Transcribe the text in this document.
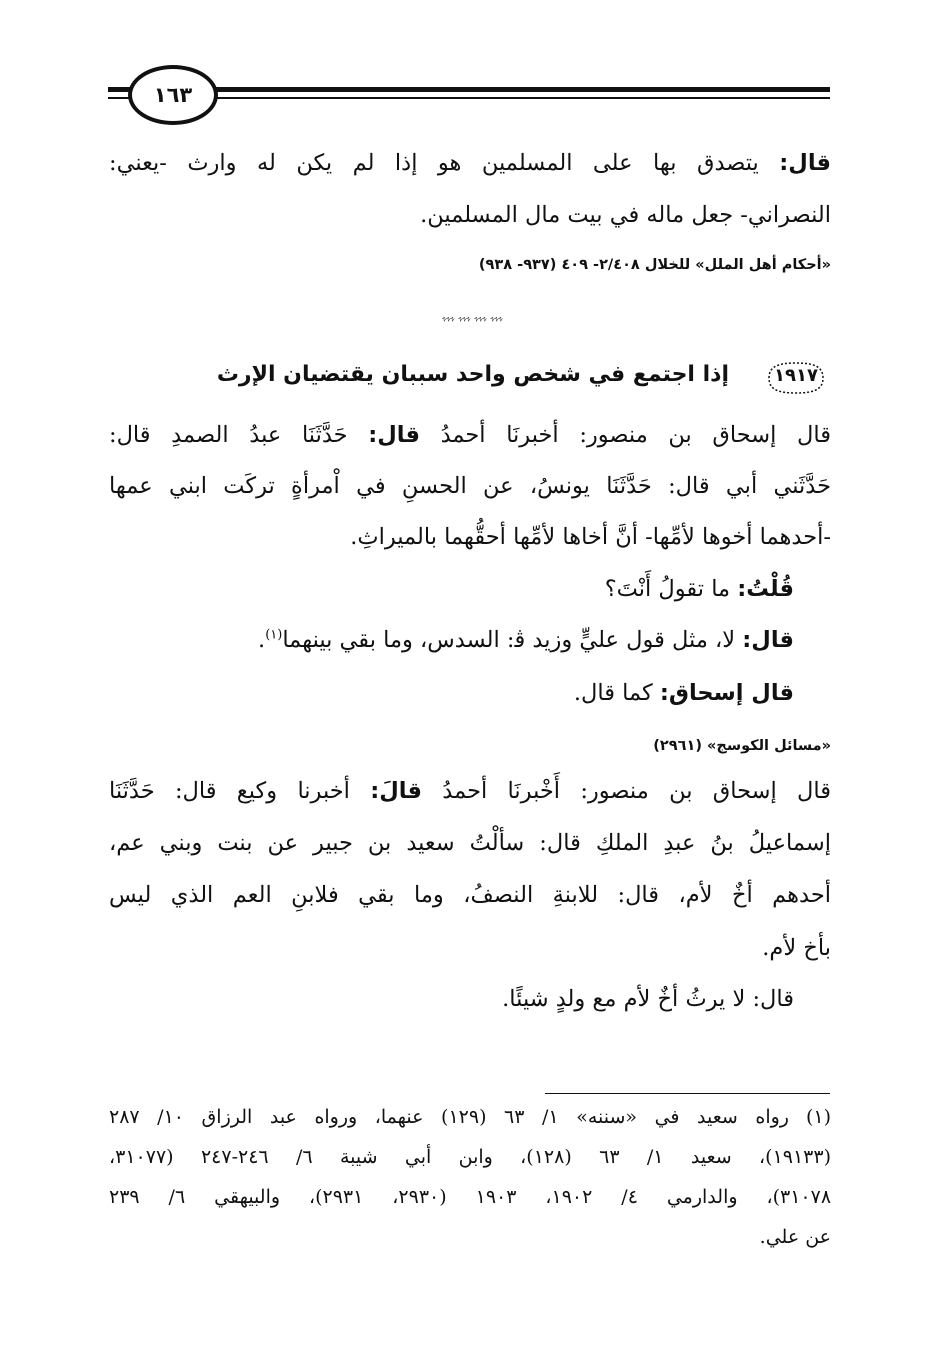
١٦٣
قال: يتصدق بها على المسلمين هو إذا لم يكن له وارث -يعني:
النصراني- جعل ماله في بيت مال المسلمين.
«أحكام أهل الملل» للخلال ٢/٤٠٨- ٤٠٩ (٩٣٧- ٩٣٨)
ﮩﮩﮩ ﮩﮩﮩ ﮩﮩﮩ ﮩﮩﮩ
١٩١٧
إذا اجتمع في شخص واحد سببان يقتضيان الإرث
قال إسحاق بن منصور: أخبرنَا أحمدُ قال: حَدَّثَنَا عبدُ الصمدِ قال:
حَدَّثَني أبي قال: حَدَّثَنَا يونسُ، عن الحسنِ في اْمرأةٍ تركَت ابني عمها
-أحدهما أخوها لأمِّها- أنَّ أخاها لأمِّها أحقُّهما بالميراثِ.
قُلْتُ: ما تقولُ أَنْتَ؟
قال: لا، مثل قول عليٍّ وزيد ﭬ: السدس، وما بقي بينهما$^{(١)}$.
قال إسحاق: كما قال.
«مسائل الكوسج» (٢٩٦١)
قال إسحاق بن منصور: أَخْبرنَا أحمدُ قالَ: أخبرنا وكيع قال: حَدَّثَنَا
إسماعيلُ بنُ عبدِ الملكِ قال: سألْتُ سعيد بن جبير عن بنت وبني عم،
أحدهم أخٌ لأم، قال: للابنةِ النصفُ، وما بقي فلابنِ العم الذي ليس
بأخ لأم.
قال: لا يرثُ أخٌ لأم مع ولدٍ شيئًا.
(١)
رواه سعيد في «سننه» ١/ ٦٣ (١٢٩) عنهما، ورواه عبد الرزاق ١٠/ ٢٨٧
(١٩١٣٣)، سعيد ١/ ٦٣ (١٢٨)، وابن أبي شيبة ٦/ ٢٤٦-٢٤٧ (٣١٠٧٧،
٣١٠٧٨)، والدارمي ٤/ ١٩٠٢، ١٩٠٣ (٢٩٣٠، ٢٩٣١)، والبيهقي ٦/ ٢٣٩
عن علي.
